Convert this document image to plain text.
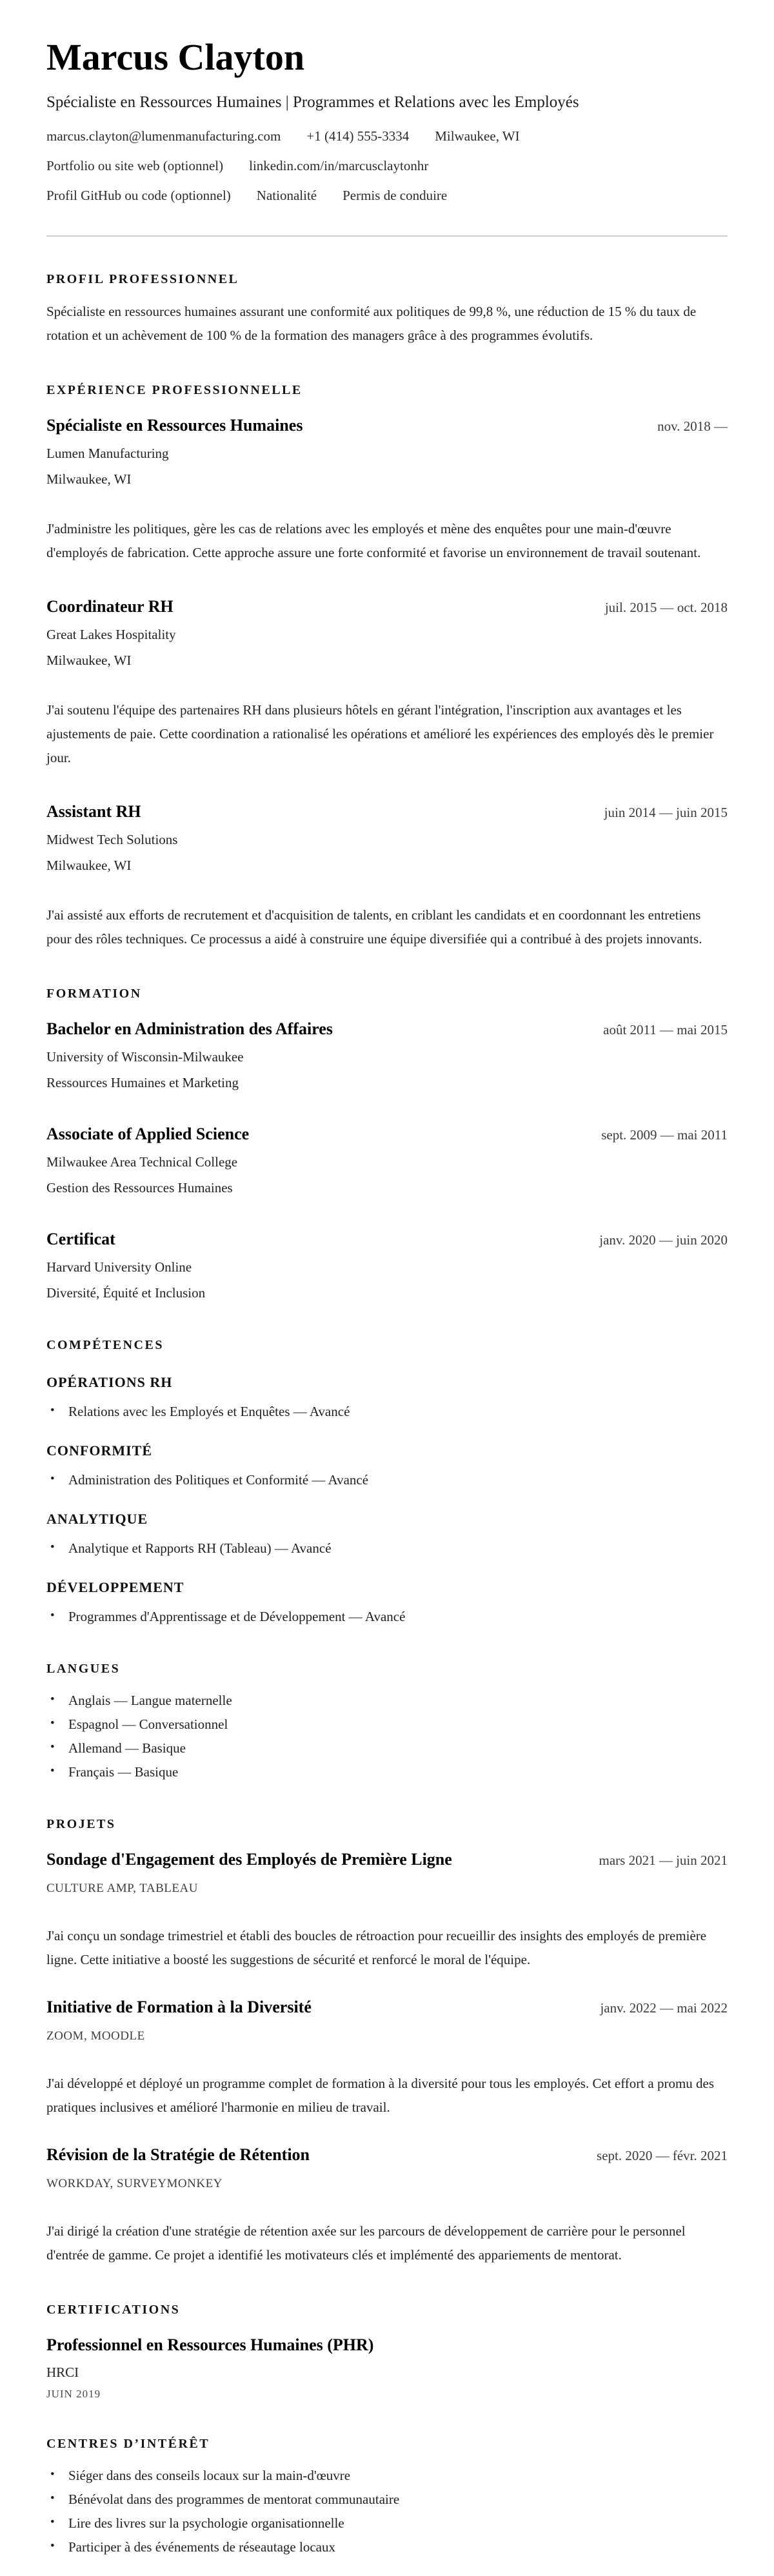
Marcus Clayton
Spécialiste en Ressources Humaines | Programmes et Relations avec les Employés
marcus.clayton@lumenmanufacturing.com +1 (414) 555-3334 Milwaukee, WI
Portfolio ou site web (optionnel) linkedin.com/in/marcusclaytonhr
Profil GitHub ou code (optionnel) Nationalité Permis de conduire
PROFIL PROFESSIONNEL

Spécialiste en ressources humaines assurant une conformité aux politiques de 99,8 %, une réduction de 15 % du taux de rotation et un achèvement de 100 % de la formation des managers grâce à des programmes évolutifs.

EXPÉRIENCE PROFESSIONNELLE
Spécialiste en Ressources Humaines	nov. 2018 —
Lumen Manufacturing
Milwaukee, WI

J'administre les politiques, gère les cas de relations avec les employés et mène des enquêtes pour une main-d'œuvre d'employés de fabrication. Cette approche assure une forte conformité et favorise un environnement de travail soutenant.

Coordinateur RH	juil. 2015 — oct. 2018
Great Lakes Hospitality
Milwaukee, WI

J'ai soutenu l'équipe des partenaires RH dans plusieurs hôtels en gérant l'intégration, l'inscription aux avantages et les ajustements de paie. Cette coordination a rationalisé les opérations et amélioré les expériences des employés dès le premier jour.

Assistant RH	juin 2014 — juin 2015
Midwest Tech Solutions
Milwaukee, WI

J'ai assisté aux efforts de recrutement et d'acquisition de talents, en criblant les candidats et en coordonnant les entretiens pour des rôles techniques. Ce processus a aidé à construire une équipe diversifiée qui a contribué à des projets innovants.

FORMATION
Bachelor en Administration des Affaires	août 2011 — mai 2015
University of Wisconsin-Milwaukee
Ressources Humaines et Marketing
Associate of Applied Science	sept. 2009 — mai 2011
Milwaukee Area Technical College
Gestion des Ressources Humaines
Certificat	janv. 2020 — juin 2020
Harvard University Online
Diversité, Équité et Inclusion
COMPÉTENCES
OPÉRATIONS RH
• Relations avec les Employés et Enquêtes — Avancé
CONFORMITÉ
• Administration des Politiques et Conformité — Avancé
ANALYTIQUE
• Analytique et Rapports RH (Tableau) — Avancé
DÉVELOPPEMENT
• Programmes d'Apprentissage et de Développement — Avancé
LANGUES
• Anglais — Langue maternelle
• Espagnol — Conversationnel
• Allemand — Basique
• Français — Basique
PROJETS
Sondage d'Engagement des Employés de Première Ligne	mars 2021 — juin 2021
CULTURE AMP, TABLEAU

J'ai conçu un sondage trimestriel et établi des boucles de rétroaction pour recueillir des insights des employés de première ligne. Cette initiative a boosté les suggestions de sécurité et renforcé le moral de l'équipe.

Initiative de Formation à la Diversité	janv. 2022 — mai 2022
ZOOM, MOODLE

J'ai développé et déployé un programme complet de formation à la diversité pour tous les employés. Cet effort a promu des pratiques inclusives et amélioré l'harmonie en milieu de travail.

Révision de la Stratégie de Rétention	sept. 2020 — févr. 2021
WORKDAY, SURVEYMONKEY

J'ai dirigé la création d'une stratégie de rétention axée sur les parcours de développement de carrière pour le personnel d'entrée de gamme. Ce projet a identifié les motivateurs clés et implémenté des appariements de mentorat.

CERTIFICATIONS
Professionnel en Ressources Humaines (PHR)
HRCI
JUIN 2019
CENTRES D’INTÉRÊT
• Siéger dans des conseils locaux sur la main-d'œuvre
• Bénévolat dans des programmes de mentorat communautaire
• Lire des livres sur la psychologie organisationnelle
• Participer à des événements de réseautage locaux
